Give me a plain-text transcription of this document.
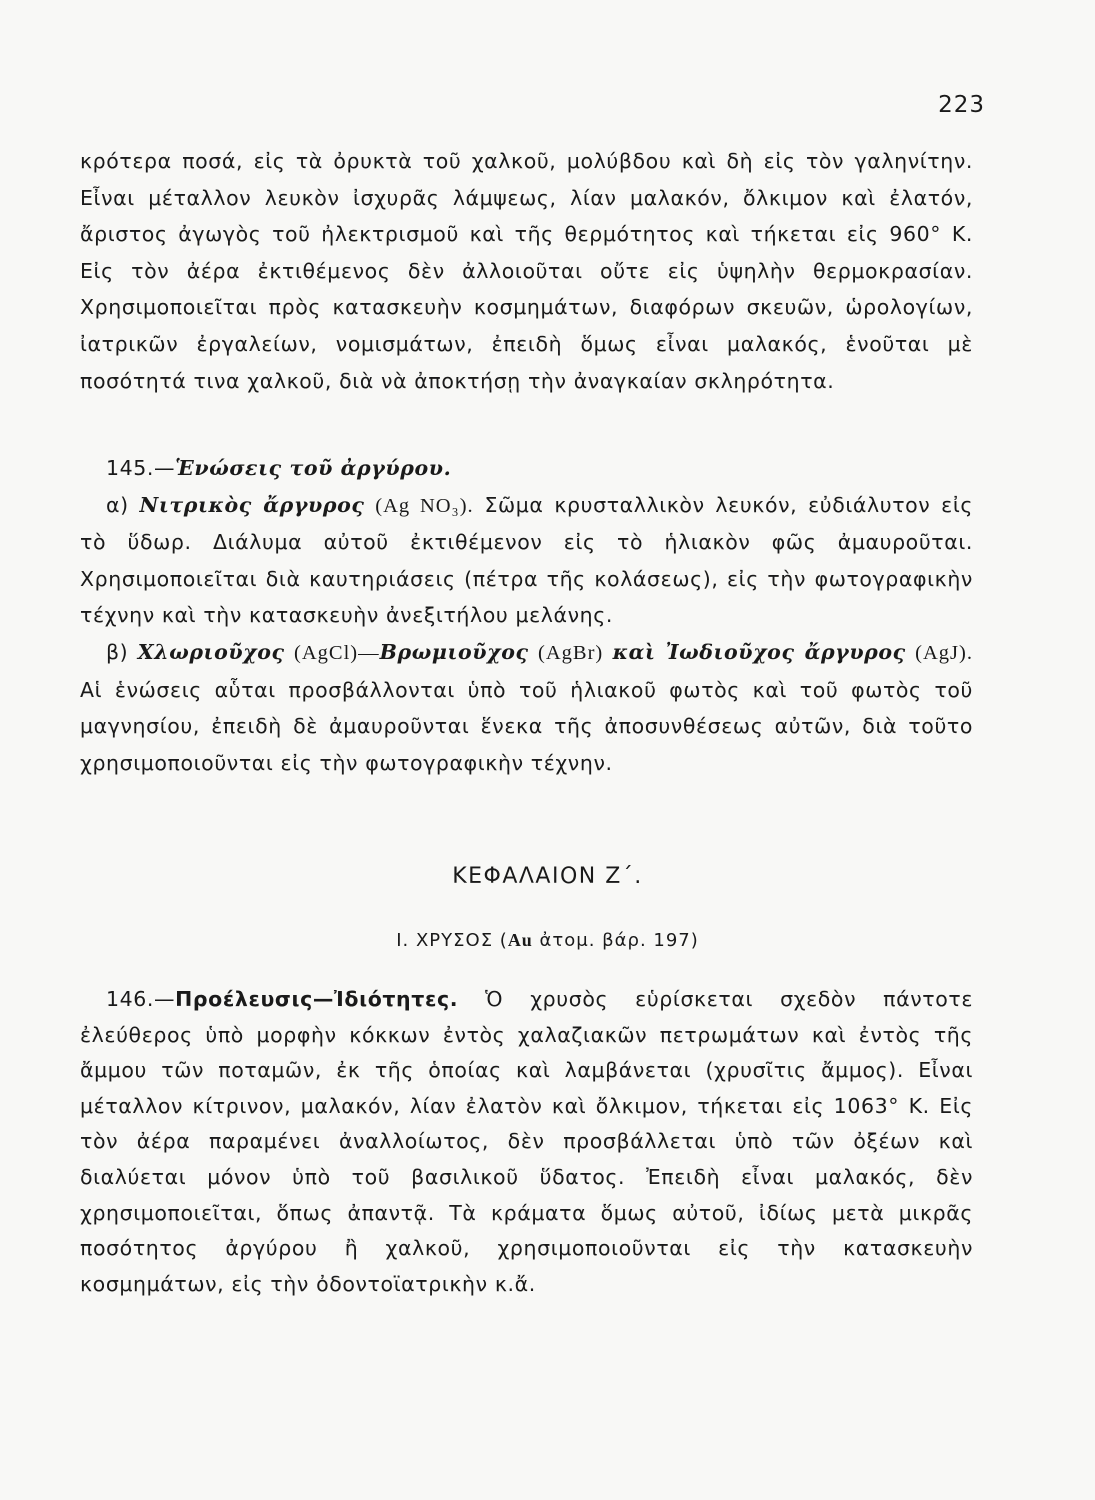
223

κρότερα ποσά, εἰς τὰ ὀρυκτὰ τοῦ χαλκοῦ, μολύβδου καὶ δὴ εἰς τὸν γαληνίτην. Εἶναι μέταλλον λευκὸν ἰσχυρᾶς λάμψεως, λίαν μαλακόν, ὄλκιμον καὶ ἐλατόν, ἄριστος ἀγωγὸς τοῦ ἠλεκτρισμοῦ καὶ τῆς θερμότητος καὶ τήκεται εἰς 960° Κ. Εἰς τὸν ἀέρα ἐκτιθέμενος δὲν ἀλλοιοῦται οὔτε εἰς ὑψηλὴν θερμοκρασίαν. Χρησιμοποιεῖται πρὸς κατασκευὴν κοσμημάτων, διαφόρων σκευῶν, ὡρολογίων, ἰατρικῶν ἐργαλείων, νομισμάτων, ἐπειδὴ ὅμως εἶναι μαλακός, ἑνοῦται μὲ ποσότητά τινα χαλκοῦ, διὰ νὰ ἀποκτήσῃ τὴν ἀναγκαίαν σκληρότητα.

145.—Ἑνώσεις τοῦ ἀργύρου.

α) Νιτρικὸς ἄργυρος (Ag NO₃). Σῶμα κρυσταλλικὸν λευκόν, εὐδιάλυτον εἰς τὸ ὕδωρ. Διάλυμα αὐτοῦ ἐκτιθέμενον εἰς τὸ ἡλιακὸν φῶς ἀμαυροῦται. Χρησιμοποιεῖται διὰ καυτηριάσεις (πέτρα τῆς κολάσεως), εἰς τὴν φωτογραφικὴν τέχνην καὶ τὴν κατασκευὴν ἀνεξιτήλου μελάνης.

β) Χλωριοῦχος (AgCl)—Βρωμιοῦχος (AgBr) καὶ Ἰωδιοῦχος ἄργυρος (AgJ). Αἱ ἑνώσεις αὗται προσβάλλονται ὑπὸ τοῦ ἡλιακοῦ φωτὸς καὶ τοῦ φωτὸς τοῦ μαγνησίου, ἐπειδὴ δὲ ἀμαυροῦνται ἕνεκα τῆς ἀποσυνθέσεως αὐτῶν, διὰ τοῦτο χρησιμοποιοῦνται εἰς τὴν φωτογραφικὴν τέχνην.

ΚΕΦΑΛΑΙΟΝ Ζ΄.
Ι. ΧΡΥΣΟΣ (Au ἀτομ. βάρ. 197)

146.—Προέλευσις—Ἰδιότητες. Ὁ χρυσὸς εὑρίσκεται σχεδὸν πάντοτε ἐλεύθερος ὑπὸ μορφὴν κόκκων ἐντὸς χαλαζιακῶν πετρωμάτων καὶ ἐντὸς τῆς ἄμμου τῶν ποταμῶν, ἐκ τῆς ὁποίας καὶ λαμβάνεται (χρυσῖτις ἄμμος). Εἶναι μέταλλον κίτρινον, μαλακόν, λίαν ἐλατὸν καὶ ὄλκιμον, τήκεται εἰς 1063° Κ. Εἰς τὸν ἀέρα παραμένει ἀναλλοίωτος, δὲν προσβάλλεται ὑπὸ τῶν ὀξέων καὶ διαλύεται μόνον ὑπὸ τοῦ βασιλικοῦ ὕδατος. Ἐπειδὴ εἶναι μαλακός, δὲν χρησιμοποιεῖται, ὅπως ἀπαντᾷ. Τὰ κράματα ὅμως αὐτοῦ, ἰδίως μετὰ μικρᾶς ποσότητος ἀργύρου ἢ χαλκοῦ, χρησιμοποιοῦνται εἰς τὴν κατασκευὴν κοσμημάτων, εἰς τὴν ὀδοντοϊατρικὴν κ.ἄ.
